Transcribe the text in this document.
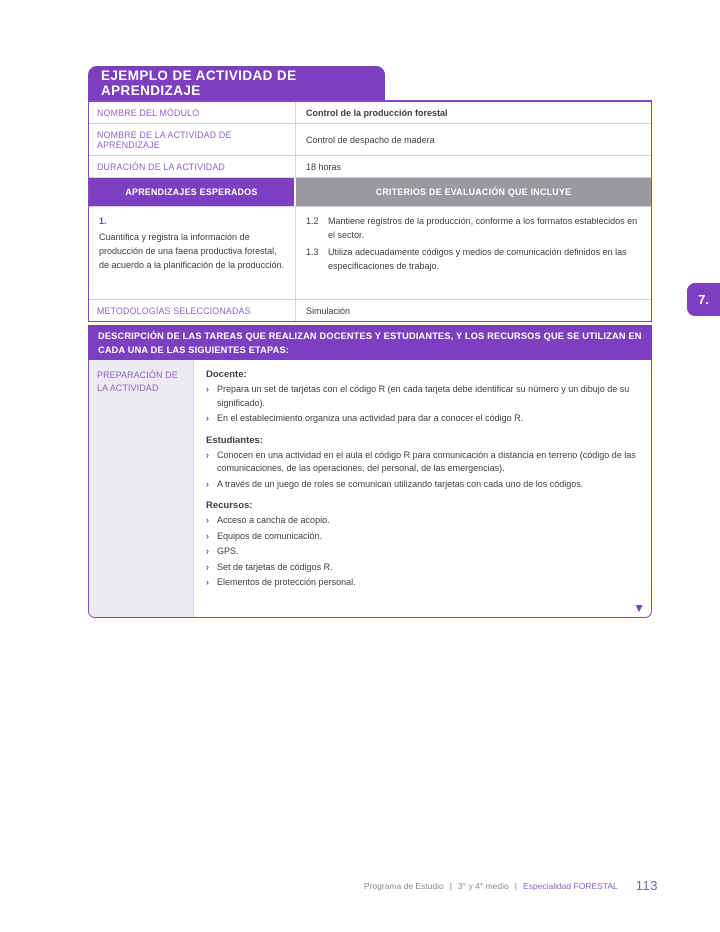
EJEMPLO DE ACTIVIDAD DE APRENDIZAJE
NOMBRE DEL MÓDULO	Control de la producción forestal
NOMBRE DE LA ACTIVIDAD DE APRENDIZAJE	Control de despacho de madera
DURACIÓN DE LA ACTIVIDAD	18 horas
APRENDIZAJES ESPERADOS	CRITERIOS DE EVALUACIÓN QUE INCLUYE
1.
Cuantifica y registra la información de producción de una faena productiva forestal, de acuerdo a la planificación de la producción.
1.2	Mantiene registros de la producción, conforme a los formatos establecidos en el sector.
1.3	Utiliza adecuadamente códigos y medios de comunicación definidos en las especificaciones de trabajo.
METODOLOGÍAS SELECCIONADAS	Simulación
DESCRIPCIÓN DE LAS TAREAS QUE REALIZAN DOCENTES Y ESTUDIANTES, Y LOS RECURSOS QUE SE UTILIZAN EN CADA UNA DE LAS SIGUIENTES ETAPAS:
PREPARACIÓN DE LA ACTIVIDAD
Docente:
› Prepara un set de tarjetas con el código R (en cada tarjeta debe identificar su número y un dibujo de su significado).
› En el establecimiento organiza una actividad para dar a conocer el código R.
Estudiantes:
› Conocen en una actividad en el aula el código R para comunicación a distancia en terreno (código de las comunicaciones, de las operaciones, del personal, de las emergencias).
› A través de un juego de roles se comunican utilizando tarjetas con cada uno de los códigos.
Recursos:
› Acceso a cancha de acopio.
› Equipos de comunicación.
› GPS.
› Set de tarjetas de códigos R.
› Elementos de protección personal.
▼
7.
Programa de Estudio | 3° y 4° medio | Especialidad FORESTAL 113
